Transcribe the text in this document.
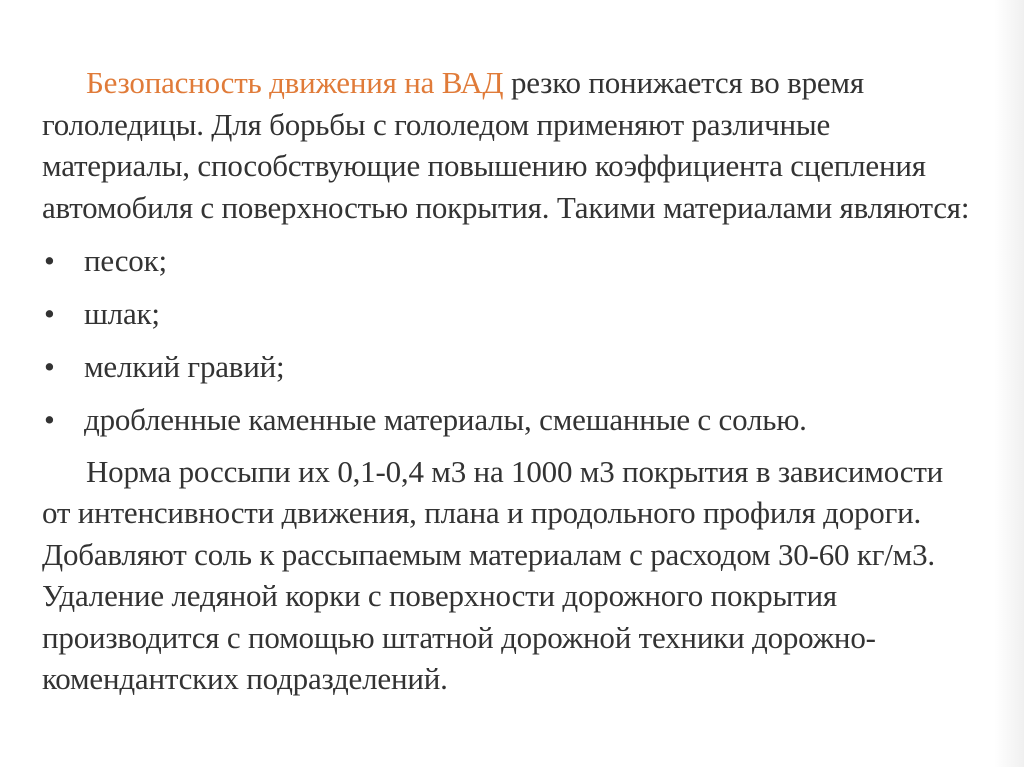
Безопасность движения на ВАД резко понижается во время гололедицы. Для борьбы с гололедом применяют различные материалы, способствующие повышению коэффициента сцепления автомобиля с поверхностью покрытия. Такими материалами являются:

• песок;
• шлак;
• мелкий гравий;
• дробленные каменные материалы, смешанные с солью.

Норма россыпи их 0,1-0,4 м3 на 1000 м3 покрытия в зависимости от интенсивности движения, плана и продольного профиля дороги. Добавляют соль к рассыпаемым материалам с расходом 30-60 кг/м3. Удаление ледяной корки с поверхности дорожного покрытия производится с помощью штатной дорожной техники дорожно-комендантских подразделений.
